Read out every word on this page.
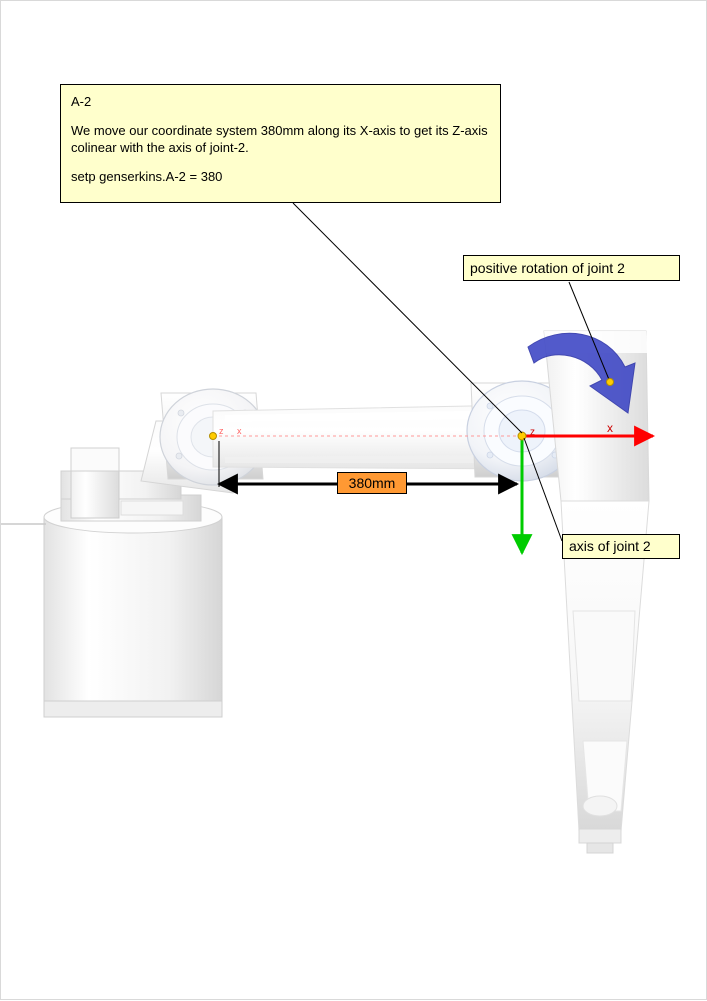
z x	z	x

A-2

We move our coordinate system 380mm along its X-axis to get its Z-axis colinear with the axis of joint-2.

setp genserkins.A-2 = 380

positive rotation of joint 2
axis of joint 2
380mm
